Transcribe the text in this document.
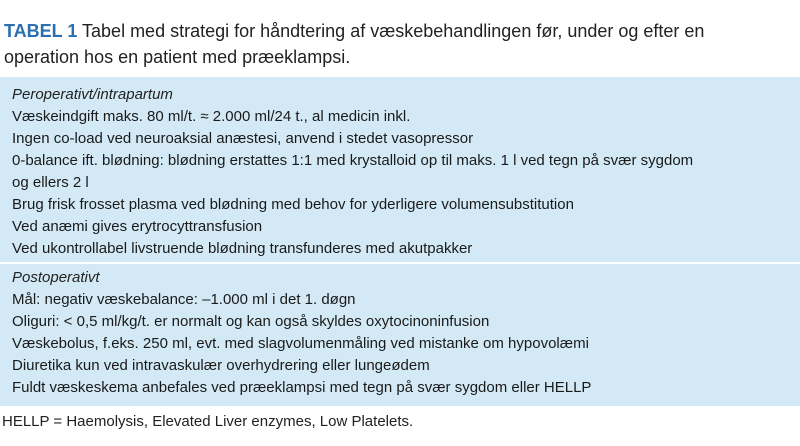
TABEL 1 Tabel med strategi for håndtering af væskebehandlingen før, under og efter en
operation hos en patient med præeklampsi.
Peroperativt/intrapartum
Væskeindgift maks. 80 ml/t. ≈ 2.000 ml/24 t., al medicin inkl.
Ingen co-load ved neuroaksial anæstesi, anvend i stedet vasopressor
0-balance ift. blødning: blødning erstattes 1:1 med krystalloid op til maks. 1 l ved tegn på svær sygdom
og ellers 2 l
Brug frisk frosset plasma ved blødning med behov for yderligere volumensubstitution
Ved anæmi gives erytrocyttransfusion
Ved ukontrollabel livstruende blødning transfunderes med akutpakker
Postoperativt
Mål: negativ væskebalance: –1.000 ml i det 1. døgn
Oliguri: < 0,5 ml/kg/t. er normalt og kan også skyldes oxytocinoninfusion
Væskebolus, f.eks. 250 ml, evt. med slagvolumenmåling ved mistanke om hypovolæmi
Diuretika kun ved intravaskulær overhydrering eller lungeødem
Fuldt væskeskema anbefales ved præeklampsi med tegn på svær sygdom eller HELLP
HELLP = Haemolysis, Elevated Liver enzymes, Low Platelets.
